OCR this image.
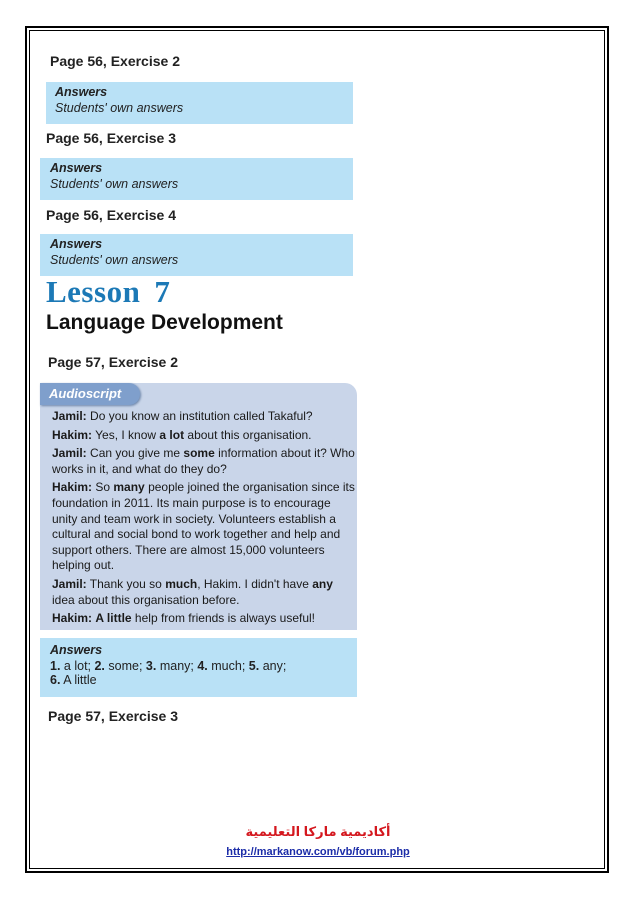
Page 56, Exercise 2
Answers
Students' own answers
Page 56, Exercise 3
Answers
Students' own answers
Page 56, Exercise 4
Answers
Students' own answers
Lesson 7
Language Development
Page 57, Exercise 2
Audioscript

Jamil: Do you know an institution called Takaful?

Hakim: Yes, I know a lot about this organisation.

Jamil: Can you give me some information about it? Who works in it, and what do they do?

Hakim: So many people joined the organisation since its foundation in 2011. Its main purpose is to encourage unity and team work in society. Volunteers establish a cultural and social bond to work together and help and support others. There are almost 15,000 volunteers helping out.

Jamil: Thank you so much, Hakim. I didn't have any idea about this organisation before.

Hakim: A little help from friends is always useful!

Answers
1. a lot; 2. some; 3. many; 4. much; 5. any;
6. A little
Page 57, Exercise 3
أكاديمية ماركا التعليمية
http://markanow.com/vb/forum.php
